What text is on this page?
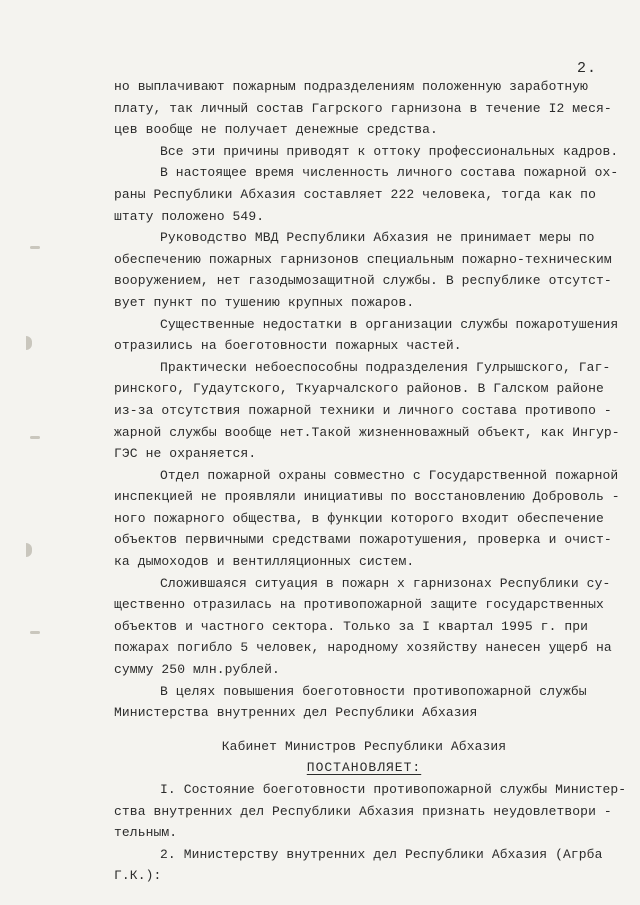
2.
но выплачивают пожарным подразделениям положенную заработную
плату, так личный состав Гагрского гарнизона в течение I2 меся-
цев вообще не получает денежные средства.
Все эти причины приводят к оттоку профессиональных кадров.
В настоящее время численность личного состава пожарной ох-
раны Республики Абхазия составляет 222 человека, тогда как по
штату положено 549.
Руководство МВД Республики Абхазия не принимает меры по
обеспечению пожарных гарнизонов специальным пожарно-техническим
вооружением, нет газодымозащитной службы. В республике отсутст-
вует пункт по тушению крупных пожаров.
Существенные недостатки в организации службы пожаротушения
отразились на боеготовности пожарных частей.
Практически небоеспособны подразделения Гулрышского, Гаг-
ринского, Гудаутского, Ткуарчалского районов. В Галском районе
из-за отсутствия пожарной техники и личного состава противопо -
жарной службы вообще нет.Такой жизненноважный объект, как Ингур-
ГЭС не охраняется.
Отдел пожарной охраны совместно с Государственной пожарной
инспекцией не проявляли инициативы по восстановлению Доброволь -
ного пожарного общества, в функции которого входит обеспечение
объектов первичными средствами пожаротушения, проверка и очист-
ка дымоходов и вентилляционных систем.
Сложившаяся ситуация в пожарн х гарнизонах Республики су-
щественно отразилась на противопожарной защите государственных
объектов и частного сектора. Только за I квартал 1995 г. при
пожарах погибло 5 человек, народному хозяйству нанесен ущерб на
сумму 250 млн.рублей.
В целях повышения боеготовности противопожарной службы
Министерства внутренних дел Республики Абхазия
Кабинет Министров Республики Абхазия
ПОСТАНОВЛЯЕТ:
I. Состояние боеготовности противопожарной службы Министер-
ства внутренних дел Республики Абхазия признать неудовлетвори -
тельным.
2. Министерству внутренних дел Республики Абхазия (Агрба
Г.К.):
